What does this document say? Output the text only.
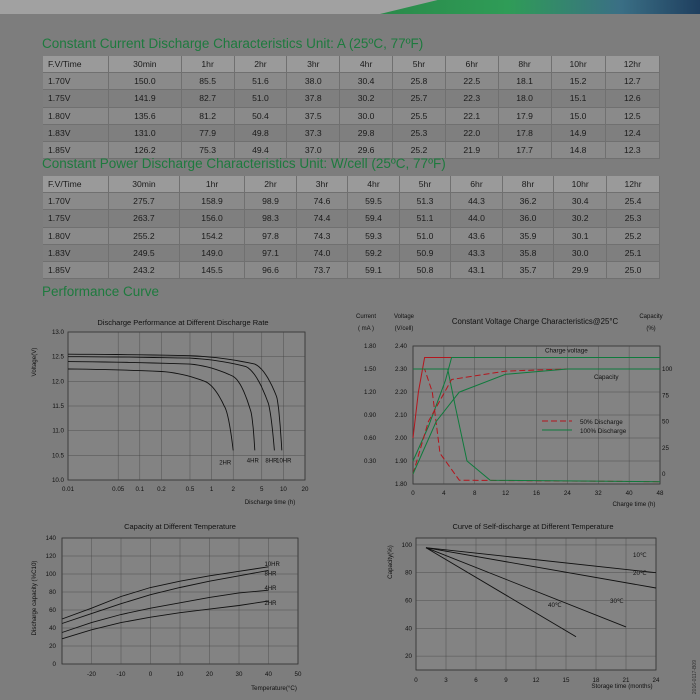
Constant Current Discharge Characteristics Unit: A (25ºC, 77ºF)
F.V/Time	30min	1hr	2hr	3hr	4hr	5hr	6hr	8hr	10hr	12hr
1.70V	150.0	85.5	51.6	38.0	30.4	25.8	22.5	18.1	15.2	12.7
1.75V	141.9	82.7	51.0	37.8	30.2	25.7	22.3	18.0	15.1	12.6
1.80V	135.6	81.2	50.4	37.5	30.0	25.5	22.1	17.9	15.0	12.5
1.83V	131.0	77.9	49.8	37.3	29.8	25.3	22.0	17.8	14.9	12.4
1.85V	126.2	75.3	49.4	37.0	29.6	25.2	21.9	17.7	14.8	12.3
Constant Power Discharge Characteristics Unit: W/cell (25ºC, 77ºF)
F.V/Time	30min	1hr	2hr	3hr	4hr	5hr	6hr	8hr	10hr	12hr
1.70V	275.7	158.9	98.9	74.6	59.5	51.3	44.3	36.2	30.4	25.4
1.75V	263.7	156.0	98.3	74.4	59.4	51.1	44.0	36.0	30.2	25.3
1.80V	255.2	154.2	97.8	74.3	59.3	51.0	43.6	35.9	30.1	25.2
1.83V	249.5	149.0	97.1	74.0	59.2	50.9	43.3	35.8	30.0	25.1
1.85V	243.2	145.5	96.6	73.7	59.1	50.8	43.1	35.7	29.9	25.0
Performance Curve
Discharge Performance at Different Discharge Rate
0.01	0.05 0.1 0.2	0.5	1	2	5	10 20
10.0
10.5
11.0
11.5
12.0
12.5
13.0
Discharge time (h)
Voltage(V)
2HR	4HR 8HR
10HR
Constant Voltage Charge Characteristics@25°C
Current
( mA )
Voltage
(V/cell)
Capacity
(%)
0.30
0.60
0.90
1.20
1.50
1.80
1.80
1.90
2.00
2.10
2.20
2.30
2.40
0	4	8	12	16	24	32	40	48
Charge time (h)
0
25
50
75
100
Charge voltage
Capacity
50% Discharge
100% Discharge
Capacity at Different Temperature
-20	-10	0	10	20	30	40	50
0
20
40
60
80
100
120
140
Temperature(°C)
Discharge capacity (%C10)	10HR
8HR
4HR
2HR
Curve of Self-discharge at Different Temperature
0	3	6	9	12	15	18	21	24
20
40
60
80
100
Storage time (months)
Capacity(%)	10℃
20℃
30℃
40℃
2016-0117-B09
